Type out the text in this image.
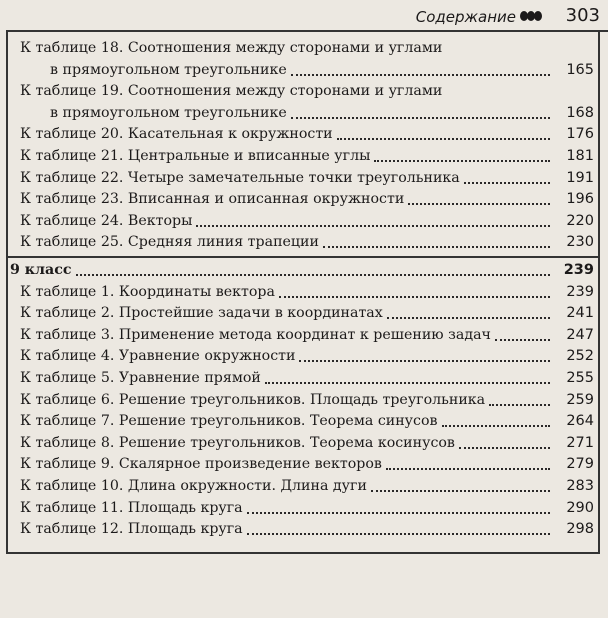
Содержание	303
К таблице 18. Соотношения между сторонами и углами
в прямоугольном треугольнике	165
К таблице 19. Соотношения между сторонами и углами
в прямоугольном треугольнике	168
К таблице 20. Касательная к окружности	176
К таблице 21. Центральные и вписанные углы	181
К таблице 22. Четыре замечательные точки треугольника	191
К таблице 23. Вписанная и описанная окружности	196
К таблице 24. Векторы	220
К таблице 25. Средняя линия трапеции	230
9 класс	239
К таблице 1. Координаты вектора	239
К таблице 2. Простейшие задачи в координатах	241
К таблице 3. Применение метода координат к решению задач	247
К таблице 4. Уравнение окружности	252
К таблице 5. Уравнение прямой	255
К таблице 6. Решение треугольников. Площадь треугольника	259
К таблице 7. Решение треугольников. Теорема синусов	264
К таблице 8. Решение треугольников. Теорема косинусов	271
К таблице 9. Скалярное произведение векторов	279
К таблице 10. Длина окружности. Длина дуги	283
К таблице 11. Площадь круга	290
К таблице 12. Площадь круга	298
